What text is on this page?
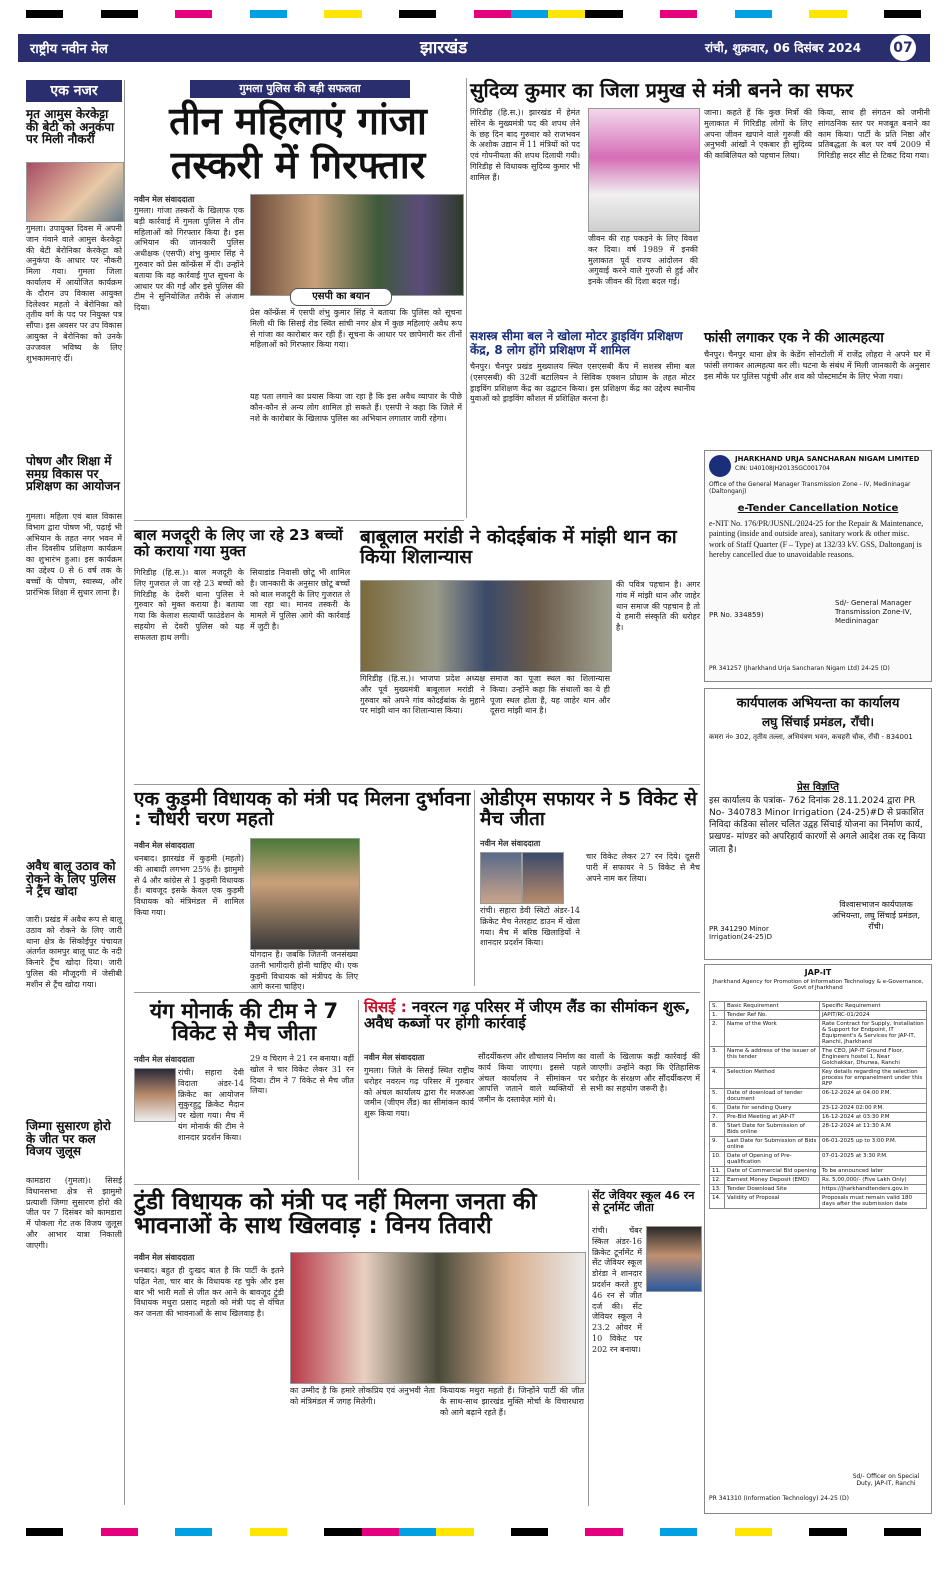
राष्ट्रीय नवीन मेल	झारखंड	रांची, शुक्रवार, 06 दिसंबर 2024 07
एक नजर
मृत आमुस केरकेट्टा की बेटी को अनुकंपा पर मिली नौकरी
गुमला। उपायुक्त दिवस में अपनी जान गंवाने वाले आमुस केरकेट्टा की बेटी बेरोनिका केरकेट्टा को अनुकंपा के आधार पर नौकरी मिला गया। गुमला जिला कार्यालय में आयोजित कार्यक्रम के दौरान उप विकास आयुक्त दिलेश्वर महतो ने बेरोनिका को तृतीय वर्ग के पद पर नियुक्त पत्र सौंपा। इस अवसर पर उप विकास आयुक्त ने बेरोनिका को उनके उज्जवल भविष्य के लिए शुभकामनाएं दीं।
पोषण और शिक्षा में समग्र विकास पर प्रशिक्षण का आयोजन
गुमला। महिला एवं बाल विकास विभाग द्वारा पोषण भी, पढ़ाई भी अभियान के तहत नगर भवन में तीन दिवसीय प्रशिक्षण कार्यक्रम का शुभारंभ हुआ। इस कार्यक्रम का उद्देश्य 0 से 6 वर्ष तक के बच्चों के पोषण, स्वास्थ्य, और प्रारंभिक शिक्षा में सुधार लाना है।
अवैध बालू उठाव को रोकने के लिए पुलिस ने ट्रैंच खोदा
जारी। प्रखंड में अवैध रूप से बालू उठाव को रोकने के लिए जारी थाना क्षेत्र के सिकोईपुर पंचायत अंतर्गत कामपुर बालू घाट के नदी किनारे ट्रैंच खोदा दिया। जारी पुलिस की मौजूदगी में जेसीबी मशीन से ट्रैंच खोदा गया।
जिम्गा सुसारण होरो के जीत पर कल विजय जुलूस
कामडारा (गुमला)। सिसई विधानसभा क्षेत्र से झामुमो प्रत्याशी जिग्गा सुसारण होरो की जीत पर 7 दिसंबर को कामडारा में पोकला गेट तक विजय जुलूस और आभार यात्रा निकाली जाएगी।
गुमला पुलिस की बड़ी सफलता
तीन महिलाएं गांजा तस्करी में गिरफ्तार
नवीन मेल संवाददाता
गुमला। गांजा तस्करों के खिलाफ एक बड़ी कार्रवाई में गुमला पुलिस ने तीन महिलाओं को गिरफ्तार किया है। इस अभियान की जानकारी पुलिस अधीक्षक (एसपी) शंभु कुमार सिंह ने गुरुवार को प्रेस कॉन्फ्रेंस में दी। उन्होंने बताया कि वह कार्रवाई गुप्त सूचना के आधार पर की गई और इसे पुलिस की टीम ने सुनियोजित तरीके से अंजाम दिया।
एसपी का बयान
प्रेस कॉन्फ्रेंस में एसपी शंभु कुमार सिंह ने बताया कि पुलिस को सूचना मिली थी कि सिसई रोड स्थित सांची नगर क्षेत्र में कुछ महिलाएं अवैध रूप से गांजा का कारोबार कर रही हैं। सूचना के आधार पर छापेमारी कर तीनों महिलाओं को गिरफ्तार किया गया।
यह पता लगाने का प्रयास किया जा रहा है कि इस अवैध व्यापार के पीछे कौन-कौन से अन्य लोग शामिल हो सकते हैं। एसपी ने कहा कि जिले में नशे के कारोबार के खिलाफ पुलिस का अभियान लगातार जारी रहेगा।
सुदिव्य कुमार का जिला प्रमुख से मंत्री बनने का सफर
गिरिडीह (हि.स.)। झारखंड में हेमंत सोरेन के मुख्यमंत्री पद की शपथ लेने के छह दिन बाद गुरुवार को राजभवन के अशोक उद्यान में 11 मंत्रियों को पद एवं गोपनीयता की शपथ दिलायी गयी। गिरिडीह से विधायक सुदिव्य कुमार भी शामिल हैं।
जीवन की राह पकड़ने के लिए विवश कर दिया। वर्ष 1989 में इनकी मुलाकात पूर्व राज्य आंदोलन की अगुवाई करने वाले गुरुजी से हुई और इनके जीवन की दिशा बदल गई।
जाना। कहते हैं कि कुछ मित्रों की मुलाकात में गिरिडीह लोगों के लिए अपना जीवन खपाने वाले गुरुजी की अनुभवी आंखों ने एकबार ही सुदिव्य की काबिलियत को पहचान लिया।
किया, साथ ही संगठन को जमीनी सांगठनिक स्तर पर मजबूत बनाने का काम किया। पार्टी के प्रति निष्ठा और प्रतिबद्धता के बल पर वर्ष 2009 में गिरिडीह सदर सीट से टिकट दिया गया।
सशस्त्र सीमा बल ने खोला मोटर ड्राइविंग प्रशिक्षण केंद्र, 8 लोग होंगे प्रशिक्षण में शामिल
चैनपुर। चैनपुर प्रखंड मुख्यालय स्थित एसएसबी कैंप में सशस्त्र सीमा बल (एसएसबी) की 32वीं बटालियन ने सिविक एक्शन प्रोग्राम के तहत मोटर ड्राइविंग प्रशिक्षण केंद्र का उद्घाटन किया। इस प्रशिक्षण केंद्र का उद्देश्य स्थानीय युवाओं को ड्राइविंग कौशल में प्रशिक्षित करना है।
फांसी लगाकर एक ने की आत्महत्या
चैनपुर। चैनपुर थाना क्षेत्र के केडेंग सोनटोली में राजेंद्र लोहरा ने अपने घर में फांसी लगाकर आत्महत्या कर ली। घटना के संबंध में मिली जानकारी के अनुसार इस मौके पर पुलिस पहुंची और शव को पोस्टमार्टम के लिए भेजा गया।
JHARKHAND URJA SANCHARAN NIGAM LIMITED
CIN: U40108JH2013SGC001704
Office of the General Manager Transmission Zone - IV, Medininagar (Daltonganj)
e-Tender Cancellation Notice
e-NIT No. 176/PR/JUSNL/2024-25 for the Repair & Maintenance, painting (inside and outside area), sanitary work & other misc. work of Staff Quarter (F – Type) at 132/33 kV. GSS, Daltonganj is hereby cancelled due to unavoidable reasons.
Sd/- General Manager Transmission Zone-IV, Medininagar
PR No. 334859)
PR 341257 (Jharkhand Urja Sancharan Nigam Ltd) 24-25 (D)
बाल मजदूरी के लिए जा रहे 23 बच्चों को कराया गया मुक्त
गिरिडीह (हि.स.)। बाल मजदूरी के लिए गुजरात ले जा रहे 23 बच्चों को गिरिडीह के देवरी थाना पुलिस ने गुरुवार को मुक्त कराया है। बताया गया कि केलाश सत्यार्थी फाउंडेशन के सहयोग से देवरी पुलिस को यह सफलता हाथ लगी।
सियाडांड निवासी छोटू भी शामिल है। जानकारी के अनुसार छोटू बच्चों को बाल मजदूरी के लिए गुजरात ले जा रहा था। मानव तस्करी के मामले में पुलिस आगे की कार्रवाई में जुटी है।
बाबूलाल मरांडी ने कोदईबांक में मांझी थान का किया शिलान्यास
गिरिडीह (हि.स.)। भाजपा प्रदेश अध्यक्ष और पूर्व मुख्यमंत्री बाबूलाल मरांडी ने गुरुवार को अपने गांव कोदईबांक के मुहाने पर मांझी थान का शिलान्यास किया।
समाज का पूजा स्थल का शिलान्यास किया। उन्होंने कहा कि संथालों का ये ही पूजा स्थल होता है, यह जाहेर थान और दूसरा मांझी थान है।
की पवित्र पहचान है। अगर गांव में मांझी थान और जाहेर थान समाज की पहचान है तो ये हमारी संस्कृति की धरोहर है।
कार्यपालक अभियन्ता का कार्यालय
लघु सिंचाई प्रमंडल, राँची।
कमरा नं० 302, तृतीय तल्ला, अभियंत्रण भवन, कचहरी चौक, राँची - 834001
प्रेस विज्ञप्ति
इस कार्यालय के पत्रांक- 762 दिनांक 28.11.2024 द्वारा PR No- 340783 Minor Irrigation (24-25)#D से प्रकाशित निविदा कंडिका सोलर चलित उद्वह सिंचाई योजना का निर्माण कार्य, प्रखण्ड- मांण्डर को अपरिहार्य कारणों से अगले आदेश तक रद्द किया जाता है।
विश्वासभाजन कार्यपालक अभियन्ता, लघु सिंचाई प्रमंडल, राँची।
PR 341290 Minor Irrigation(24-25)D
एक कुड़मी विधायक को मंत्री पद मिलना दुर्भावना : चौधरी चरण महतो
नवीन मेल संवाददाता
धनबाद। झारखंड में कुड़मी (महतो) की आबादी लगभग 25% है। झामुमो से 4 और कांग्रेस से 1 कुड़मी विधायक हैं। बावजूद इसके केवल एक कुड़मी विधायक को मंत्रिमंडल में शामिल किया गया।
योगदान है। जबकि जितनी जनसंख्या उतनी भागीदारी होनी चाहिए थी। एक कुड़मी विधायक को मंत्रीपद के लिए आगे करना चाहिए।
ओडीएम सफायर ने 5 विकेट से मैच जीता
नवीन मेल संवाददाता
रांची। सहारा डेवी स्विटो अंडर-14 क्रिकेट मैच नेतरहाट डाउन में खेला गया। मैच में बरिष्ठ खिलाड़ियों ने शानदार प्रदर्शन किया।
चार विकेट लेकर 27 रन दिये। दूसरी पारी में सफायर ने 5 विकेट से मैच अपने नाम कर लिया।
JAP-IT
Jharkhand Agency for Promotion of Information Technology & e-Governance, Govt of Jharkhand
S.	Basic Requirement	Specific Requirement
1.	Tender Ref No.	JAPIT/RC-01/2024
2.	Name of the Work	Rate Contract for Supply, Installation & Support for Endpoint, IT Equipment's & Services for JAP-IT, Ranchi, Jharkhand
3.	Name & address of the issuer of this tender	The CEO, JAP-IT Ground Floor, Engineers hostel 1, Near Golchakkar, Dhurwa, Ranchi
4.	Selection Method	Key details regarding the selection process for empanelment under this RFP
5.	Date of download of tender document	06-12-2024 at 04:00 P.M.
6.	Date for sending Query	23-12-2024 02:00 P.M.
7.	Pre-Bid Meeting at JAP-IT	16-12-2024 at 03:30 P.M
8.	Start Date for Submission of Bids online	28-12-2024 at 11:30 A.M
9.	Last Date for Submission of Bids online	06-01-2025 up to 3:00 P.M.
10.	Date of Opening of Pre-qualification	07-01-2025 at 3:30 P.M.
11.	Date of Commercial Bid opening	To be announced later
12.	Earnest Money Deposit (EMD)	Rs. 5,00,000/- (Five Lakh Only)
13.	Tender Download Site	https://jharkhandtenders.gov.in
14.	Validity of Proposal	Proposals must remain valid 180 days after the submission date
Sd/- Officer on Special Duty, JAP-IT, Ranchi
PR 341310 (Information Technology) 24-25 (D)
यंग मोनार्क की टीम ने 7 विकेट से मैच जीता
नवीन मेल संवाददाता
रांची। सहारा देवी विदाता अंडर-14 क्रिकेट का आयोजन सुकुरहुटु क्रिकेट मैदान पर खेला गया। मैच में यंग मोनार्क की टीम ने शानदार प्रदर्शन किया।
29 व चिराग ने 21 रन बनाया। वहीं खोल ने चार विकेट लेकर 31 रन दिया। टीम ने 7 विकेट से मैच जीत लिया।
सिसई : नवरत्न गढ़ परिसर में जीएम लैंड का सीमांकन शुरू, अवैध कब्जों पर होगी कार्रवाई
नवीन मेल संवाददाता
गुमला। जिले के सिसई स्थित राष्ट्रीय धरोहर नवरत्न गढ़ परिसर में गुरुवार को अंचल कार्यालय द्वारा गैर मजरुआ जमीन (जीएम लैंड) का सीमांकन कार्य शुरू किया गया।
सौंदर्यीकरण और शौचालय निर्माण का कार्य किया जाएगा। इससे पहले अंचल कार्यालय ने सीमांकन पर आपत्ति जताने वाले व्यक्तियों से जमीन के दस्तावेज़ मांगे थे।
वालों के खिलाफ कड़ी कार्रवाई की जाएगी। उन्होंने कहा कि ऐतिहासिक धरोहर के संरक्षण और सौंदर्यीकरण में सभी का सहयोग जरूरी है।
टुंडी विधायक को मंत्री पद नहीं मिलना जनता की भावनाओं के साथ खिलवाड़ : विनय तिवारी
नवीन मेल संवाददाता
धनबाद। बहुत ही दुःखद बात है कि पार्टी के इतने पढ़ित नेता, चार बार के विधायक रह चुके और इस बार भी भारी मतों से जीत कर आने के बावजूद टुंडी विधायक मथुरा प्रसाद महतो को मंत्री पद से वंचित कर जनता की भावनाओं के साथ खिलवाड़ है।
का उम्मीद है कि हमारे लोकप्रिय एवं अनुभवी नेता को मंत्रिमंडल में जगह मिलेगी।
कियायक मथुरा महतो हैं। जिन्होंने पार्टी की जीत के साथ-साथ झारखंड मुक्ति मोर्चा के विचारधारा को आगे बढ़ाने रहते हैं।
सेंट जेवियर स्कूल 46 रन से टूर्नामेंट जीता
रांची। चेंबर स्किल अंडर-16 क्रिकेट टूर्नामेंट में सेंट जेवियर स्कूल डोरंडा ने शानदार प्रदर्शन करते हुए 46 रन से जीत दर्ज की। सेंट जेवियर स्कूल ने 23.2 ओवर में 10 विकेट पर 202 रन बनाया।
